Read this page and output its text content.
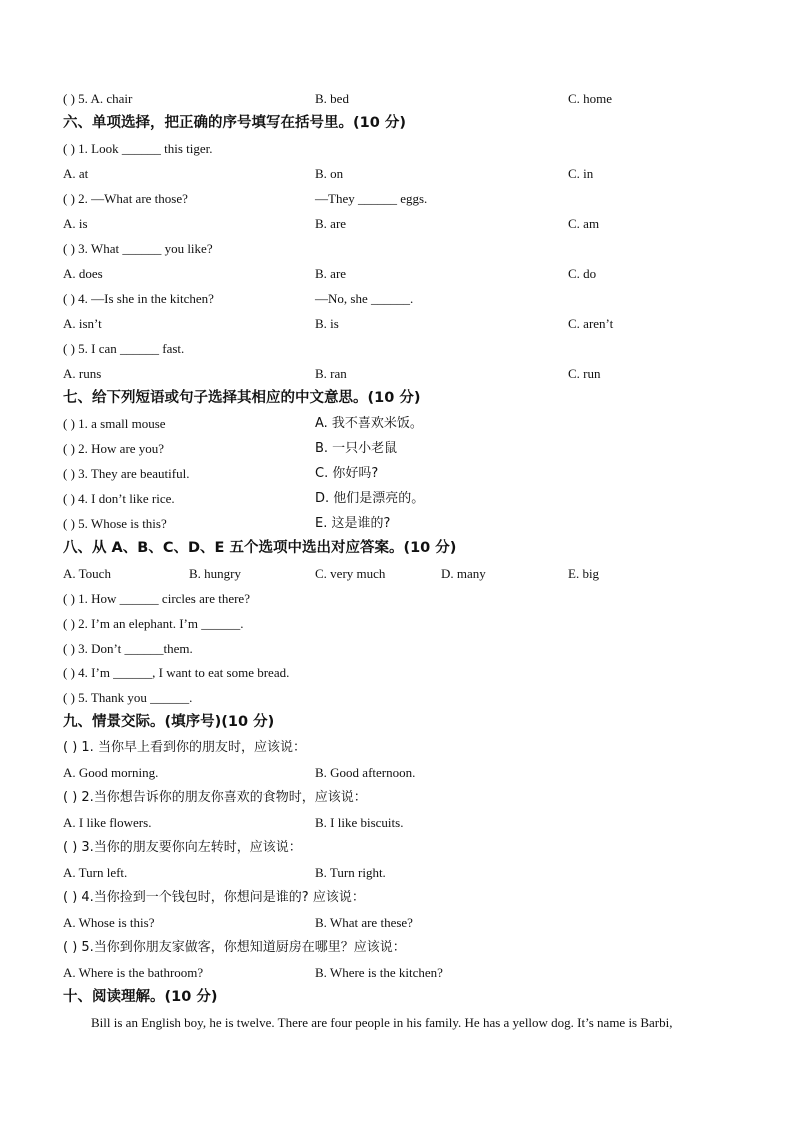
( ) 5. A. chair	B. bed	C. home
六、单项选择，把正确的序号填写在括号里。(10 分)
( ) 1. Look ______ this tiger.
A. at	B. on	C. in
( ) 2. —What are those?	—They ______ eggs.
A. is	B. are	C. am
( ) 3. What ______ you like?
A. does	B. are	C. do
( ) 4. —Is she in the kitchen?	—No, she ______.
A. isn’t	B. is	C. aren’t
( ) 5. I can ______ fast.
A. runs	B. ran	C. run
七、给下列短语或句子选择其相应的中文意思。(10 分)
( ) 1. a small mouse	A. 我不喜欢米饭。
( ) 2. How are you?	B. 一只小老鼠
( ) 3. They are beautiful.	C. 你好吗?
( ) 4. I don’t like rice.	D. 他们是漂亮的。
( ) 5. Whose is this?	E. 这是谁的?
八、从 A、B、C、D、E 五个选项中选出对应答案。(10 分)
A. Touch	B. hungry	C. very much	D. many	E. big
( ) 1. How ______ circles are there?
( ) 2. I’m an elephant. I’m ______.
( ) 3. Don’t ______them.
( ) 4. I’m ______, I want to eat some bread.
( ) 5. Thank you ______.
九、情景交际。(填序号)(10 分)
( ) 1. 当你早上看到你的朋友时，应该说：
A. Good morning.	B. Good afternoon.
( ) 2.当你想告诉你的朋友你喜欢的食物时，应该说：
A. I like flowers.	B. I like biscuits.
( ) 3.当你的朋友要你向左转时，应该说：
A. Turn left.	B. Turn right.
( ) 4.当你捡到一个钱包时，你想问是谁的? 应该说：
A. Whose is this?	B. What are these?
( ) 5.当你到你朋友家做客，你想知道厨房在哪里？应该说：
A. Where is the bathroom?	B. Where is the kitchen?
十、阅读理解。(10 分)
Bill is an English boy, he is twelve. There are four people in his family. He has a yellow dog. It’s name is Barbi,
